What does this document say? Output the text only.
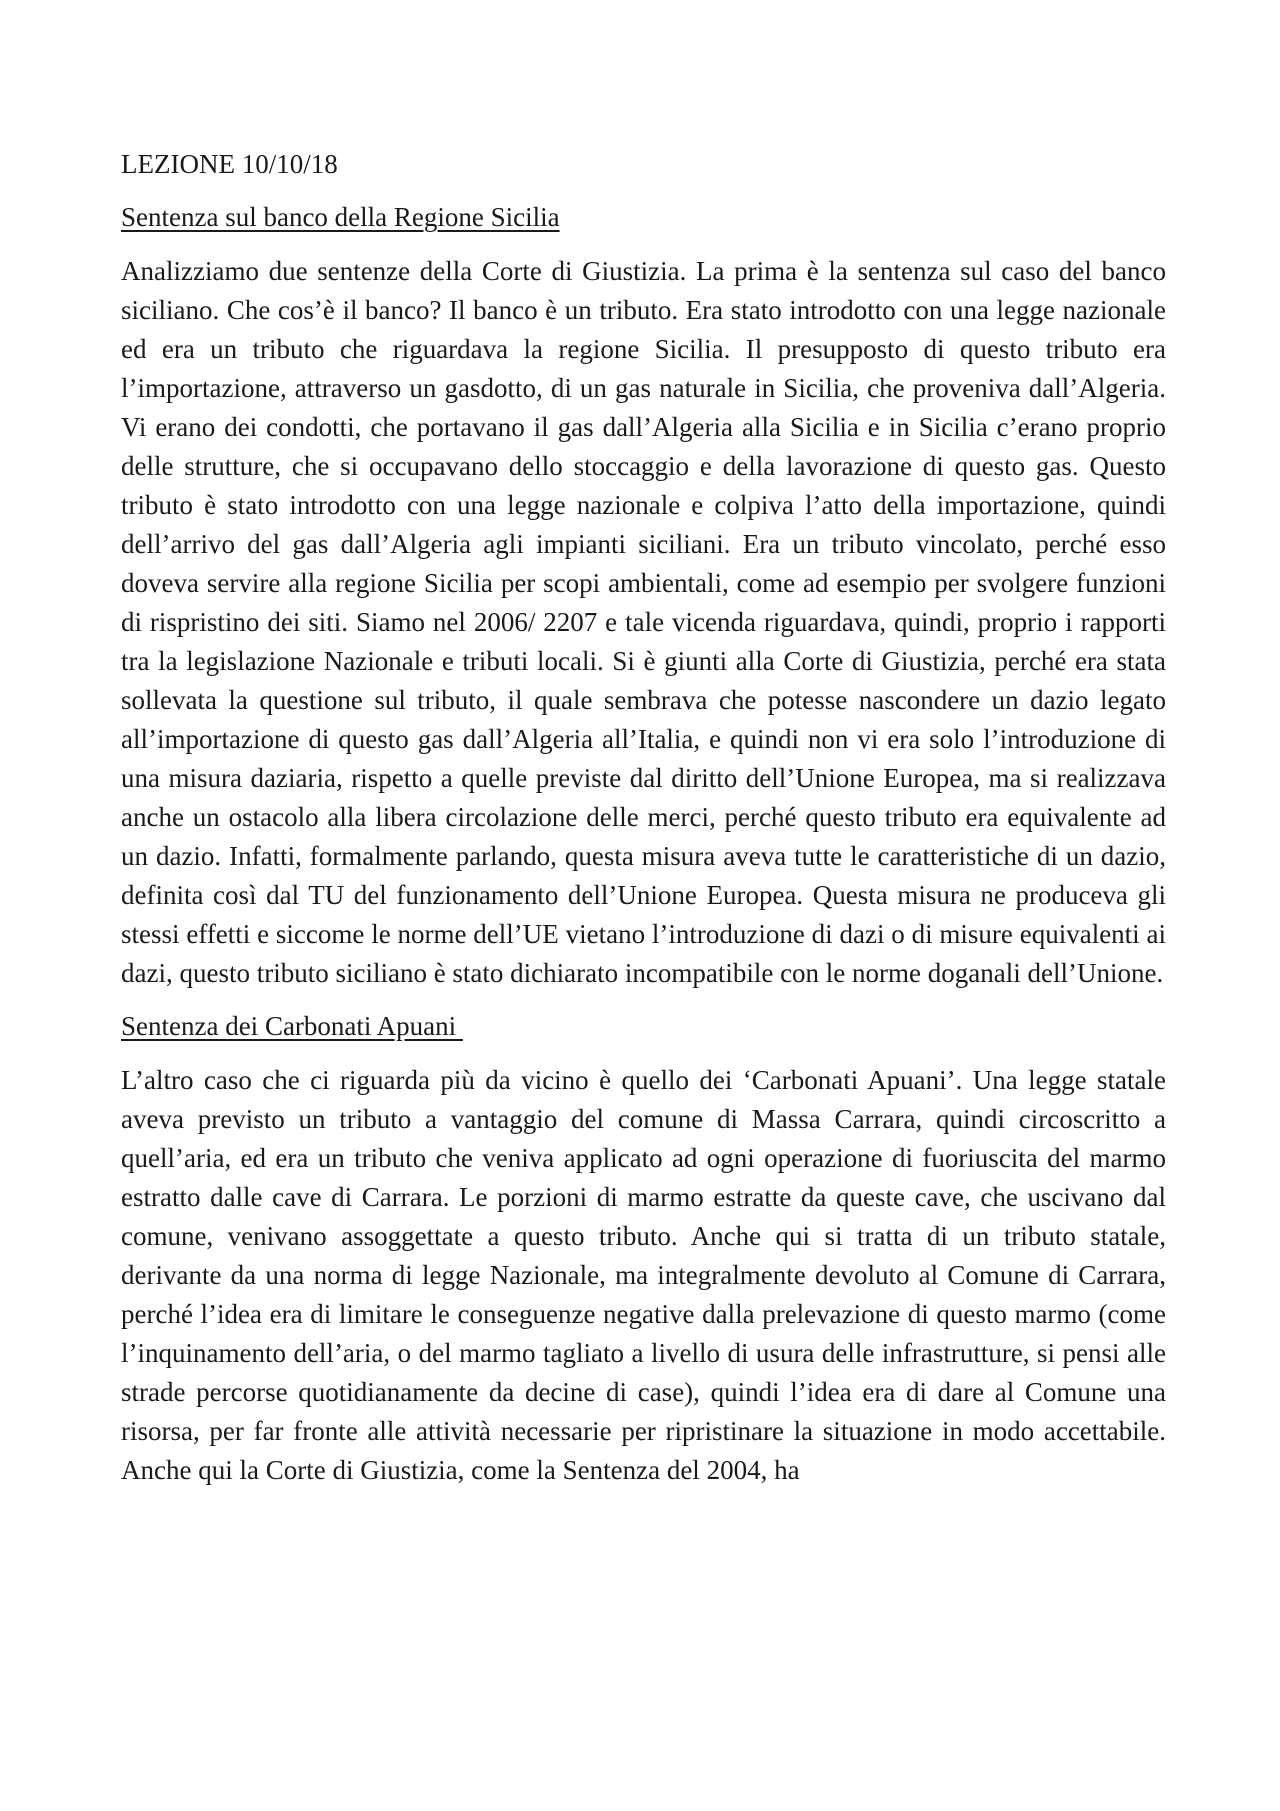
LEZIONE 10/10/18
Sentenza sul banco della Regione Sicilia

Analizziamo due sentenze della Corte di Giustizia. La prima è la sentenza sul caso del banco siciliano. Che cos’è il banco? Il banco è un tributo. Era stato introdotto con una legge nazionale ed era un tributo che riguardava la regione Sicilia. Il presupposto di questo tributo era l’importazione, attraverso un gasdotto, di un gas naturale in Sicilia, che proveniva dall’Algeria. Vi erano dei condotti, che portavano il gas dall’Algeria alla Sicilia e in Sicilia c’erano proprio delle strutture, che si occupavano dello stoccaggio e della lavorazione di questo gas. Questo tributo è stato introdotto con una legge nazionale e colpiva l’atto della importazione, quindi dell’arrivo del gas dall’Algeria agli impianti siciliani. Era un tributo vincolato, perché esso doveva servire alla regione Sicilia per scopi ambientali, come ad esempio per svolgere funzioni di rispristino dei siti. Siamo nel 2006/ 2207 e tale vicenda riguardava, quindi, proprio i rapporti tra la legislazione Nazionale e tributi locali. Si è giunti alla Corte di Giustizia, perché era stata sollevata la questione sul tributo, il quale sembrava che potesse nascondere un dazio legato all’importazione di questo gas dall’Algeria all’Italia, e quindi non vi era solo l’introduzione di una misura daziaria, rispetto a quelle previste dal diritto dell’Unione Europea, ma si realizzava anche un ostacolo alla libera circolazione delle merci, perché questo tributo era equivalente ad un dazio. Infatti, formalmente parlando, questa misura aveva tutte le caratteristiche di un dazio, definita così dal TU del funzionamento dell’Unione Europea. Questa misura ne produceva gli stessi effetti e siccome le norme dell’UE vietano l’introduzione di dazi o di misure equivalenti ai dazi, questo tributo siciliano è stato dichiarato incompatibile con le norme doganali dell’Unione.

Sentenza dei Carbonati Apuani

L’altro caso che ci riguarda più da vicino è quello dei ‘Carbonati Apuani’. Una legge statale aveva previsto un tributo a vantaggio del comune di Massa Carrara, quindi circoscritto a quell’aria, ed era un tributo che veniva applicato ad ogni operazione di fuoriuscita del marmo estratto dalle cave di Carrara. Le porzioni di marmo estratte da queste cave, che uscivano dal comune, venivano assoggettate a questo tributo. Anche qui si tratta di un tributo statale, derivante da una norma di legge Nazionale, ma integralmente devoluto al Comune di Carrara, perché l’idea era di limitare le conseguenze negative dalla prelevazione di questo marmo (come l’inquinamento dell’aria, o del marmo tagliato a livello di usura delle infrastrutture, si pensi alle strade percorse quotidianamente da decine di case), quindi l’idea era di dare al Comune una risorsa, per far fronte alle attività necessarie per ripristinare la situazione in modo accettabile. Anche qui la Corte di Giustizia, come la Sentenza del 2004, ha
